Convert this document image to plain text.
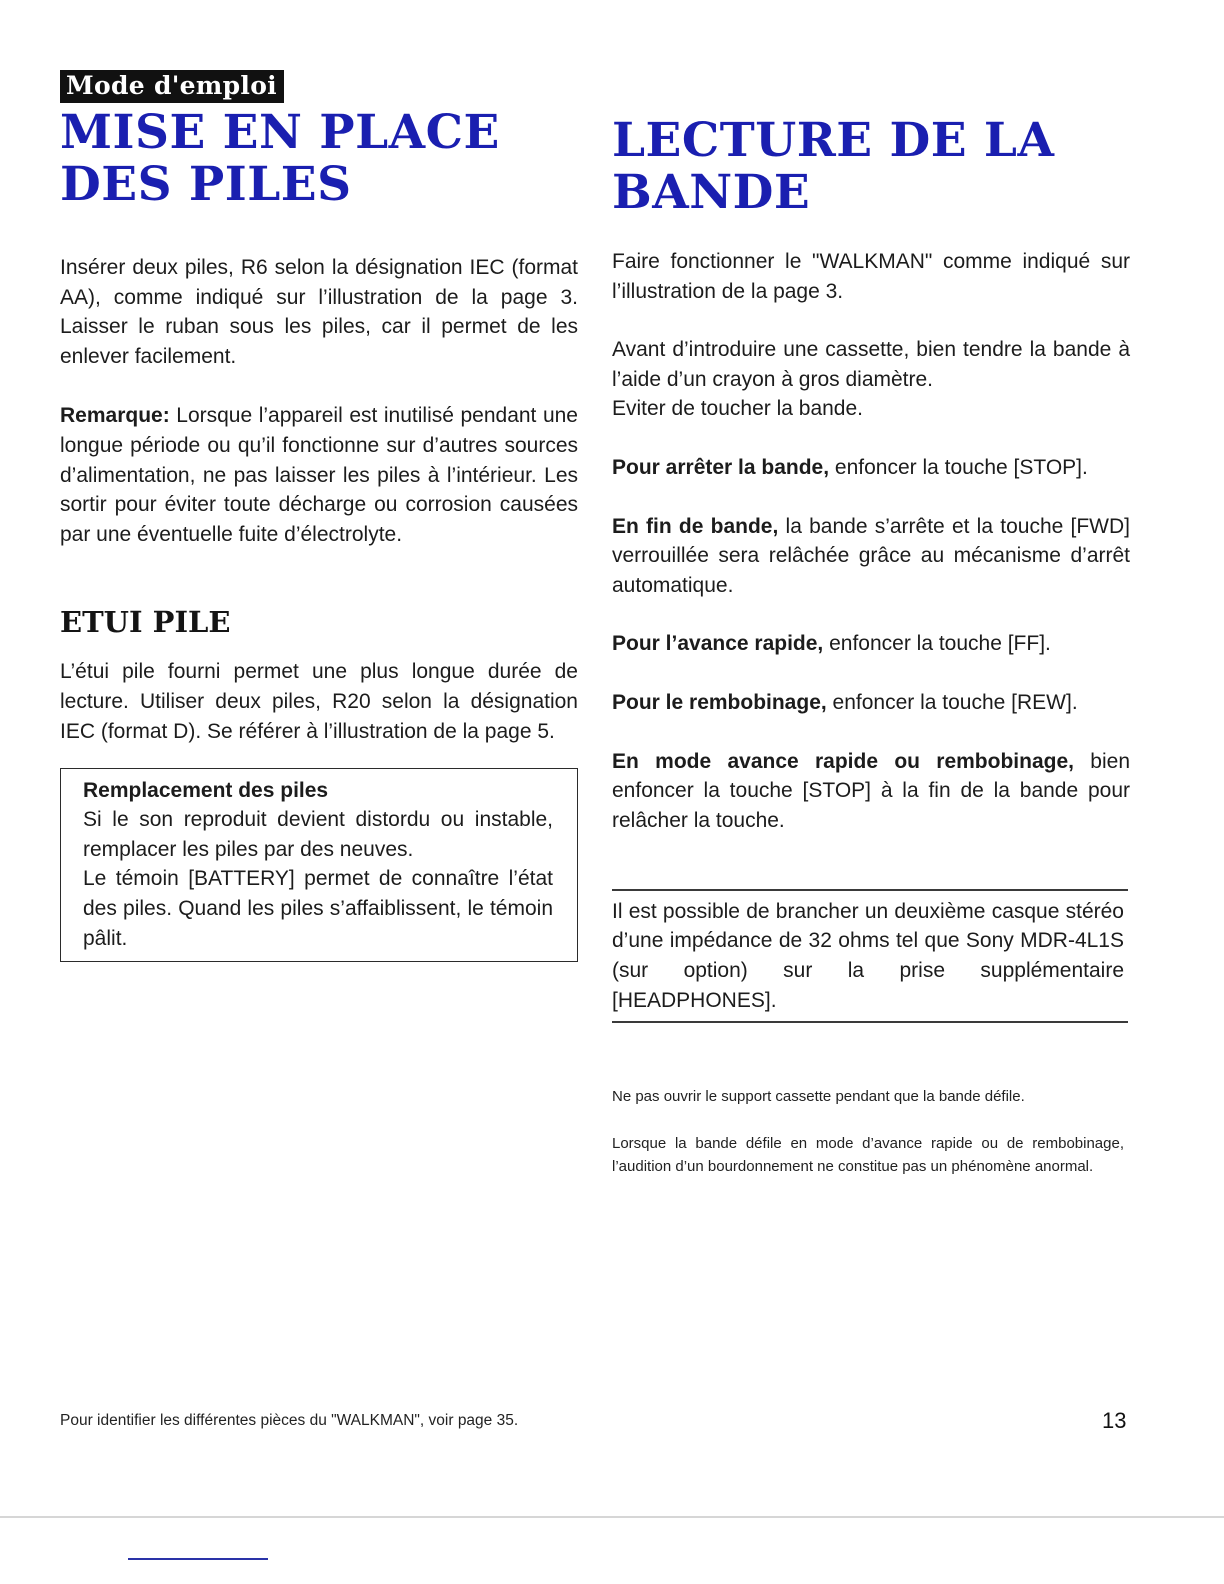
Mode d'emploi
MISE EN PLACE
DES PILES

Insérer deux piles, R6 selon la désignation IEC (format AA), comme indiqué sur l’illustration de la page 3. Laisser le ruban sous les piles, car il permet de les enlever facilement.

Remarque: Lorsque l’appareil est inutilisé pendant une longue période ou qu’il fonctionne sur d’autres sources d’alimentation, ne pas laisser les piles à l’intérieur. Les sortir pour éviter toute décharge ou corrosion causées par une éventuelle fuite d’électrolyte.

ETUI PILE

L’étui pile fourni permet une plus longue durée de lecture. Utiliser deux piles, R20 selon la désignation IEC (format D). Se référer à l’illustration de la page 5.

Remplacement des piles

Si le son reproduit devient distordu ou instable, remplacer les piles par des neuves.

Le témoin [BATTERY] permet de connaître l’état des piles. Quand les piles s’affaiblissent, le témoin pâlit.

LECTURE DE LA
BANDE

Faire fonctionner le "WALKMAN" comme indiqué sur l’illustration de la page 3.

Avant d’introduire une cassette, bien tendre la bande à l’aide d’un crayon à gros diamètre.

Eviter de toucher la bande.

Pour arrêter la bande, enfoncer la touche [STOP].

En fin de bande, la bande s’arrête et la touche [FWD] verrouillée sera relâchée grâce au mécanisme d’arrêt automatique.

Pour l’avance rapide, enfoncer la touche [FF].

Pour le rembobinage, enfoncer la touche [REW].

En mode avance rapide ou rembobinage, bien enfoncer la touche [STOP] à la fin de la bande pour relâcher la touche.

Il est possible de brancher un deuxième casque stéréo d’une impédance de 32 ohms tel que Sony MDR-4L1S (sur option) sur la prise supplémentaire [HEADPHONES].

Ne pas ouvrir le support cassette pendant que la bande défile.

Lorsque la bande défile en mode d’avance rapide ou de rembobinage, l’audition d’un bourdonnement ne constitue pas un phénomène anormal.

Pour identifier les différentes pièces du "WALKMAN", voir page 35.	13
